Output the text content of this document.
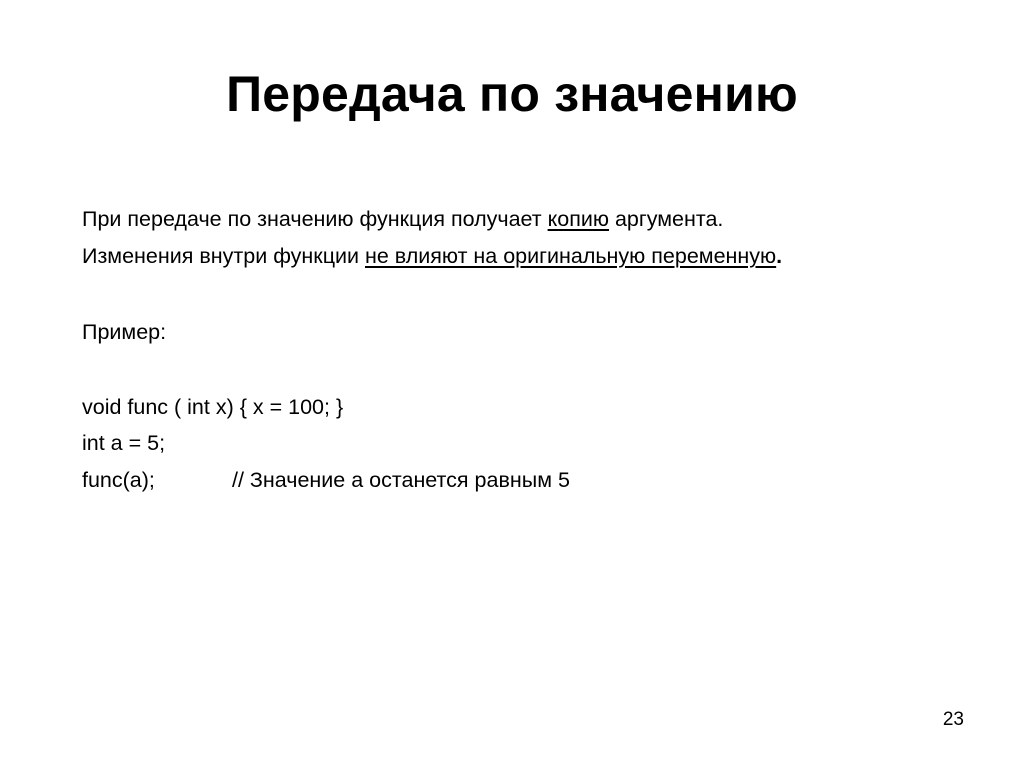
Передача по значению
При передаче по значению функция получает копию аргумента.
Изменения внутри функции не влияют на оригинальную переменную.
Пример:
void func ( int x) { x = 100; }
int a = 5;
func(a);	// Значение a останется равным 5
23
